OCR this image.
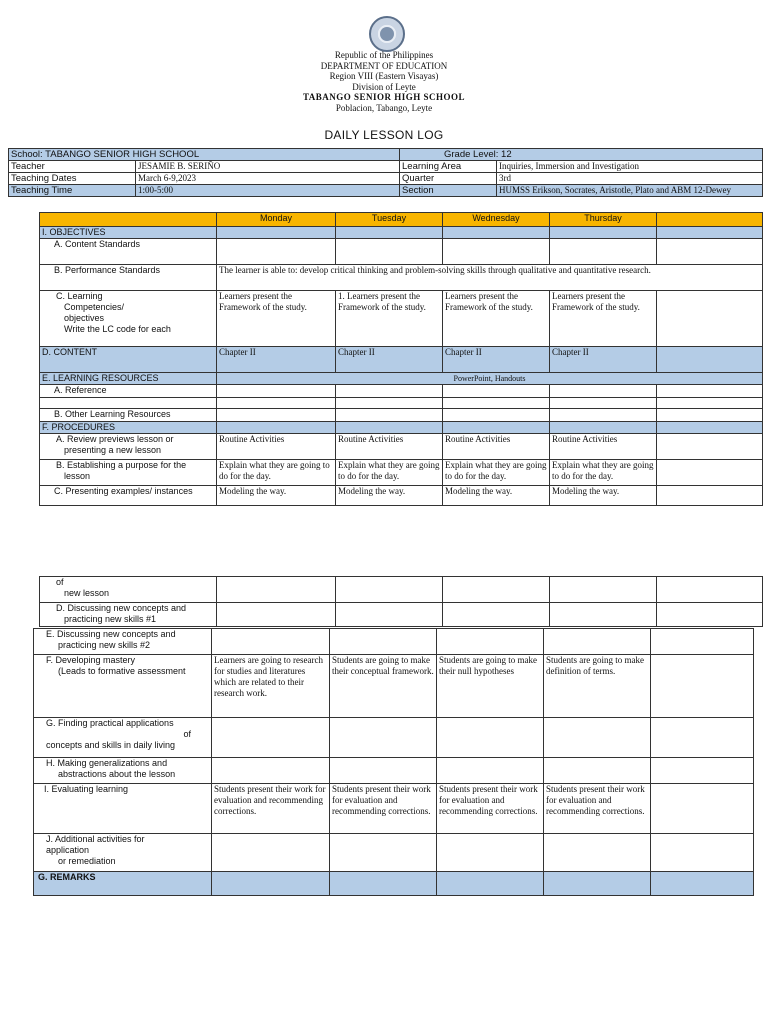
Republic of the Philippines
DEPARTMENT OF EDUCATION
Region VIII (Eastern Visayas)
Division of Leyte
TABANGO SENIOR HIGH SCHOOL
Poblacion, Tabango, Leyte
DAILY LESSON LOG
School: TABANGO SENIOR HIGH SCHOOL		Grade Level: 12	
Teacher	JESAMIE B. SERIÑO	Learning Area	Inquiries, Immersion and Investigation
Teaching Dates	March 6-9,2023	Quarter	3rd
Teaching Time	1:00-5:00	Section	HUMSS Erikson, Socrates, Aristotle, Plato and ABM 12-Dewey
	Monday	Tuesday	Wednesday	Thursday	
I. OBJECTIVES					
A. Content Standards					
B. Performance Standards	The learner is able to: develop critical thinking and problem-solving skills through qualitative and quantitative research.				

C. Learning
Competencies/
objectives
Write the LC code for each	Learners present the Framework of the study.	1. Learners present the Framework of the study.	Learners present the Framework of the study.	Learners present the Framework of the study.	
D. CONTENT	Chapter II	Chapter II	Chapter II	Chapter II	
E. LEARNING RESOURCES	PowerPoint, Handouts				
A. Reference					

B. Other Learning Resources					
F. PROCEDURES					

A. Review previews lesson or
presenting a new lesson	Routine Activities	Routine Activities	Routine Activities	Routine Activities	

B. Establishing a purpose for the
lesson	Explain what they are going to do for the day.	Explain what they are going to do for the day.	Explain what they are going to do for the day.	Explain what they are going to do for the day.	
C. Presenting examples/ instances	Modeling the way.	Modeling the way.	Modeling the way.	Modeling the way.	
of
new lesson					

D. Discussing new concepts and
practicing new skills #1					

E. Discussing new concepts and
practicing new skills #2					

F. Developing mastery
(Leads to formative assessment	Learners are going to research for studies and literatures which are related to their research work.	Students are going to make their conceptual framework.	Students are going to make their null hypotheses	Students are going to make definition of terms.	

G. Finding practical applications
of
concepts and skills in daily living					

H. Making generalizations and
abstractions about the lesson					

I. Evaluating learning	Students present their work for evaluation and recommending corrections.	Students present their work for evaluation and recommending corrections.	Students present their work for evaluation and recommending corrections.	Students present their work for evaluation and recommending corrections.	

J. Additional activities for
application
or remediation					

G. REMARKS					
